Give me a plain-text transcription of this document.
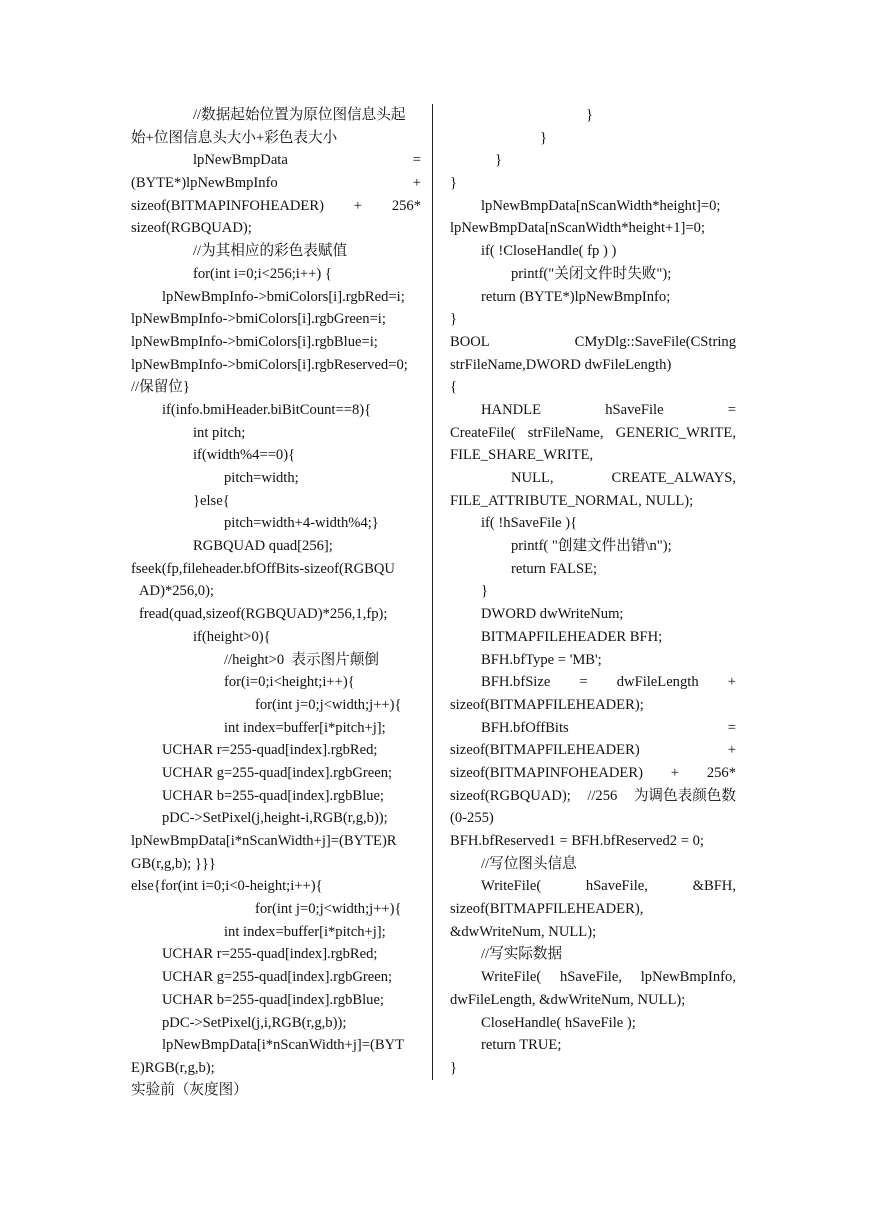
//数据起始位置为原位图信息头起
始+位图信息头大小+彩色表大小
lpNewBmpData	=
(BYTE*)lpNewBmpInfo	+
sizeof(BITMAPINFOHEADER) + 256*
sizeof(RGBQUAD);
//为其相应的彩色表赋值
for(int i=0;i<256;i++) {
lpNewBmpInfo->bmiColors[i].rgbRed=i;
lpNewBmpInfo->bmiColors[i].rgbGreen=i;
lpNewBmpInfo->bmiColors[i].rgbBlue=i;
lpNewBmpInfo->bmiColors[i].rgbReserved=0;
//保留位}
if(info.bmiHeader.biBitCount==8){
int pitch;
if(width%4==0){
pitch=width;
}else{
pitch=width+4-width%4;}
RGBQUAD quad[256];
fseek(fp,fileheader.bfOffBits-sizeof(RGBQU
AD)*256,0);
fread(quad,sizeof(RGBQUAD)*256,1,fp);
if(height>0){
//height>0  表示图片颠倒
for(i=0;i<height;i++){
for(int j=0;j<width;j++){
int index=buffer[i*pitch+j];
UCHAR r=255-quad[index].rgbRed;
UCHAR g=255-quad[index].rgbGreen;
UCHAR b=255-quad[index].rgbBlue;
pDC->SetPixel(j,height-i,RGB(r,g,b));
lpNewBmpData[i*nScanWidth+j]=(BYTE)R
GB(r,g,b); }}}
else{for(int i=0;i<0-height;i++){
for(int j=0;j<width;j++){
int index=buffer[i*pitch+j];
UCHAR r=255-quad[index].rgbRed;
UCHAR g=255-quad[index].rgbGreen;
UCHAR b=255-quad[index].rgbBlue;
pDC->SetPixel(j,i,RGB(r,g,b));
lpNewBmpData[i*nScanWidth+j]=(BYT
E)RGB(r,g,b);
}
}
}
}
lpNewBmpData[nScanWidth*height]=0;
lpNewBmpData[nScanWidth*height+1]=0;
if( !CloseHandle( fp ) )
printf("关闭文件时失败");
return (BYTE*)lpNewBmpInfo;
}
BOOL	CMyDlg::SaveFile(CString
strFileName,DWORD dwFileLength)
{
HANDLE	hSaveFile	=
CreateFile( strFileName, GENERIC_WRITE,
FILE_SHARE_WRITE,
NULL,	CREATE_ALWAYS,
FILE_ATTRIBUTE_NORMAL, NULL);
if( !hSaveFile ){
printf( "创建文件出错\n");
return FALSE;
}
DWORD dwWriteNum;
BITMAPFILEHEADER BFH;
BFH.bfType = 'MB';
BFH.bfSize = dwFileLength +
sizeof(BITMAPFILEHEADER);
BFH.bfOffBits	=
sizeof(BITMAPFILEHEADER)	+
sizeof(BITMAPINFOHEADER) + 256*
sizeof(RGBQUAD); //256 为调色表颜色数
(0-255)
BFH.bfReserved1 = BFH.bfReserved2 = 0;
//写位图头信息
WriteFile(	hSaveFile,	&BFH,
sizeof(BITMAPFILEHEADER),
&dwWriteNum, NULL);
//写实际数据
WriteFile( hSaveFile, lpNewBmpInfo,
dwFileLength, &dwWriteNum, NULL);
CloseHandle( hSaveFile );
return TRUE;
}
实验前（灰度图）
